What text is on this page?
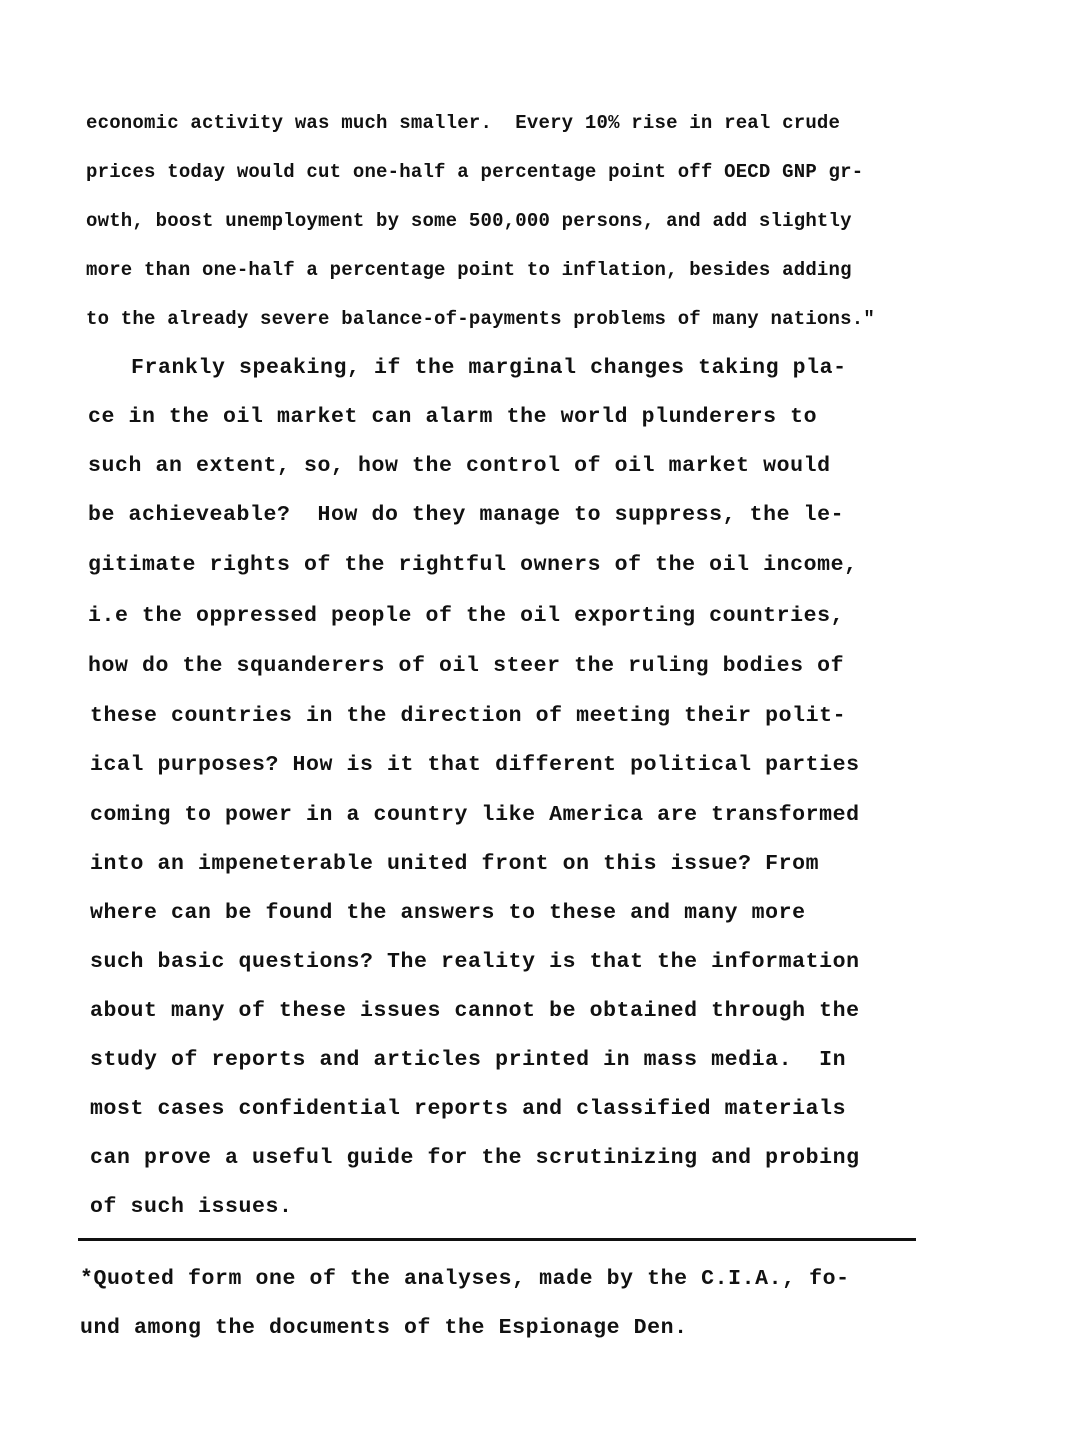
economic activity was much smaller.  Every 10% rise in real crude
prices today would cut one-half a percentage point off OECD GNP gr-
owth, boost unemployment by some 500,000 persons, and add slightly
more than one-half a percentage point to inflation, besides adding
to the already severe balance-of-payments problems of many nations."
Frankly speaking, if the marginal changes taking pla-
ce in the oil market can alarm the world plunderers to
such an extent, so, how the control of oil market would
be achieveable?  How do they manage to suppress, the le-
gitimate rights of the rightful owners of the oil income,
i.e the oppressed people of the oil exporting countries,
how do the squanderers of oil steer the ruling bodies of
these countries in the direction of meeting their polit-
ical purposes? How is it that different political parties
coming to power in a country like America are transformed
into an impeneterable united front on this issue? From
where can be found the answers to these and many more
such basic questions? The reality is that the information
about many of these issues cannot be obtained through the
study of reports and articles printed in mass media.  In
most cases confidential reports and classified materials
can prove a useful guide for the scrutinizing and probing
of such issues.
*Quoted form one of the analyses, made by the C.I.A., fo-
und among the documents of the Espionage Den.
